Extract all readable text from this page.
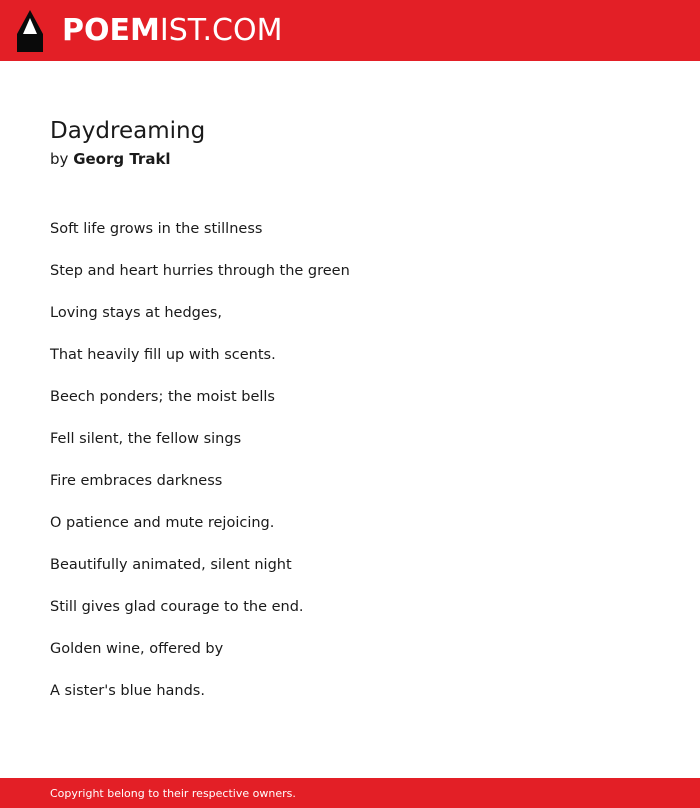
POEMIST.COM
Daydreaming
by Georg Trakl
Soft life grows in the stillness
Step and heart hurries through the green
Loving stays at hedges,
That heavily fill up with scents.
Beech ponders; the moist bells
Fell silent, the fellow sings
Fire embraces darkness
O patience and mute rejoicing.
Beautifully animated, silent night
Still gives glad courage to the end.
Golden wine, offered by
A sister's blue hands.
Copyright belong to their respective owners.
